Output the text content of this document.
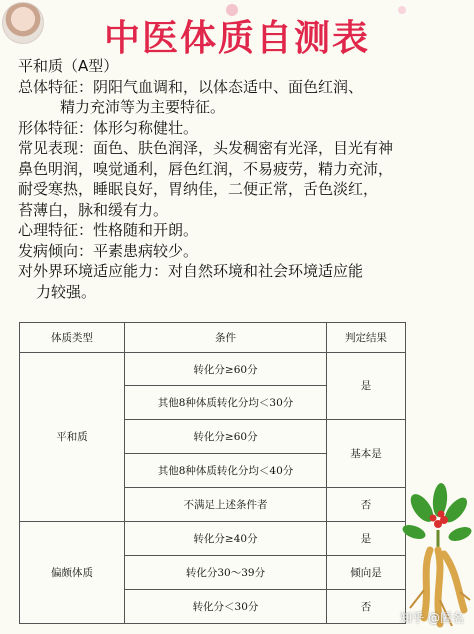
中医体质自测表

平和质（A型）

总体特征：阴阳气血调和，以体态适中、面色红润、

精力充沛等为主要特征。

形体特征：体形匀称健壮。

常见表现：面色、肤色润泽，头发稠密有光泽，目光有神

鼻色明润，嗅觉通利，唇色红润，不易疲劳，精力充沛，

耐受寒热，睡眠良好，胃纳佳，二便正常，舌色淡红，

苔薄白，脉和缓有力。

心理特征：性格随和开朗。

发病倾向：平素患病较少。

对外界环境适应能力：对自然环境和社会环境适应能

力较强。

体质类型	条件	判定结果
平和质	转化分≥60分	是
	其他8种体质转化分均＜30分	
	转化分≥60分	基本是
	其他8种体质转化分均＜40分	
	不满足上述条件者	否
偏颇体质	转化分≥40分	是
	转化分30～39分	倾向是
	转化分＜30分	否
知乎 @匿名
